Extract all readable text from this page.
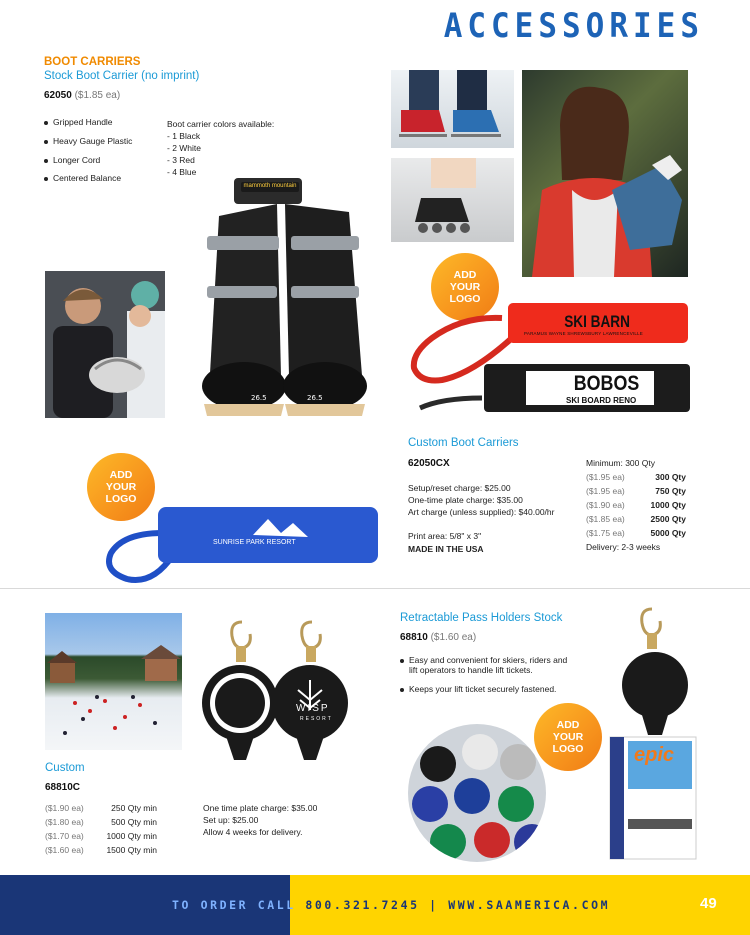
ACCESSORIES
BOOT CARRIERS
Stock Boot Carrier (no imprint)
62050 ($1.85 ea)
Gripped Handle
Heavy Gauge Plastic
Longer Cord
Centered Balance
Boot carrier colors available:
- 1 Black
- 2 White
- 3 Red
- 4 Blue
26.5	26.5
mammoth mountain
ADD
YOUR
LOGO
ADD
YOUR
LOGO
ADD
YOUR
LOGO
SKI BARN
PARAMUS WAYNE SHREWSBURY LAWRENCEVILLE
BOBOS
SKI BOARD RENO
Custom Boot Carriers
62050CX
Setup/reset charge: $25.00
One-time plate charge: $35.00
Art charge (unless supplied): $40.00/hr
Print area: 5/8" x 3"
MADE IN THE USA
Minimum: 300 Qty
($1.95 ea)	300 Qty
($1.95 ea)	750 Qty
($1.90 ea)	1000 Qty
($1.85 ea)	2500 Qty
($1.75 ea)	5000 Qty
Delivery: 2-3 weeks
SUNRISE PARK RESORT
Custom
68810C
($1.90 ea)	250 Qty min
($1.80 ea)	500 Qty min
($1.70 ea)	1000 Qty min
($1.60 ea)	1500 Qty min
WISP
RESORT
One time plate charge: $35.00
Set up: $25.00
Allow 4 weeks for delivery.
Retractable Pass Holders Stock
68810 ($1.60 ea)
Easy and convenient for skiers, riders and lift operators to handle lift tickets.
Keeps your lift ticket securely fastened.
epic
TO ORDER CALL 800.321.7245 | WWW.SAAMERICA.COM	49
